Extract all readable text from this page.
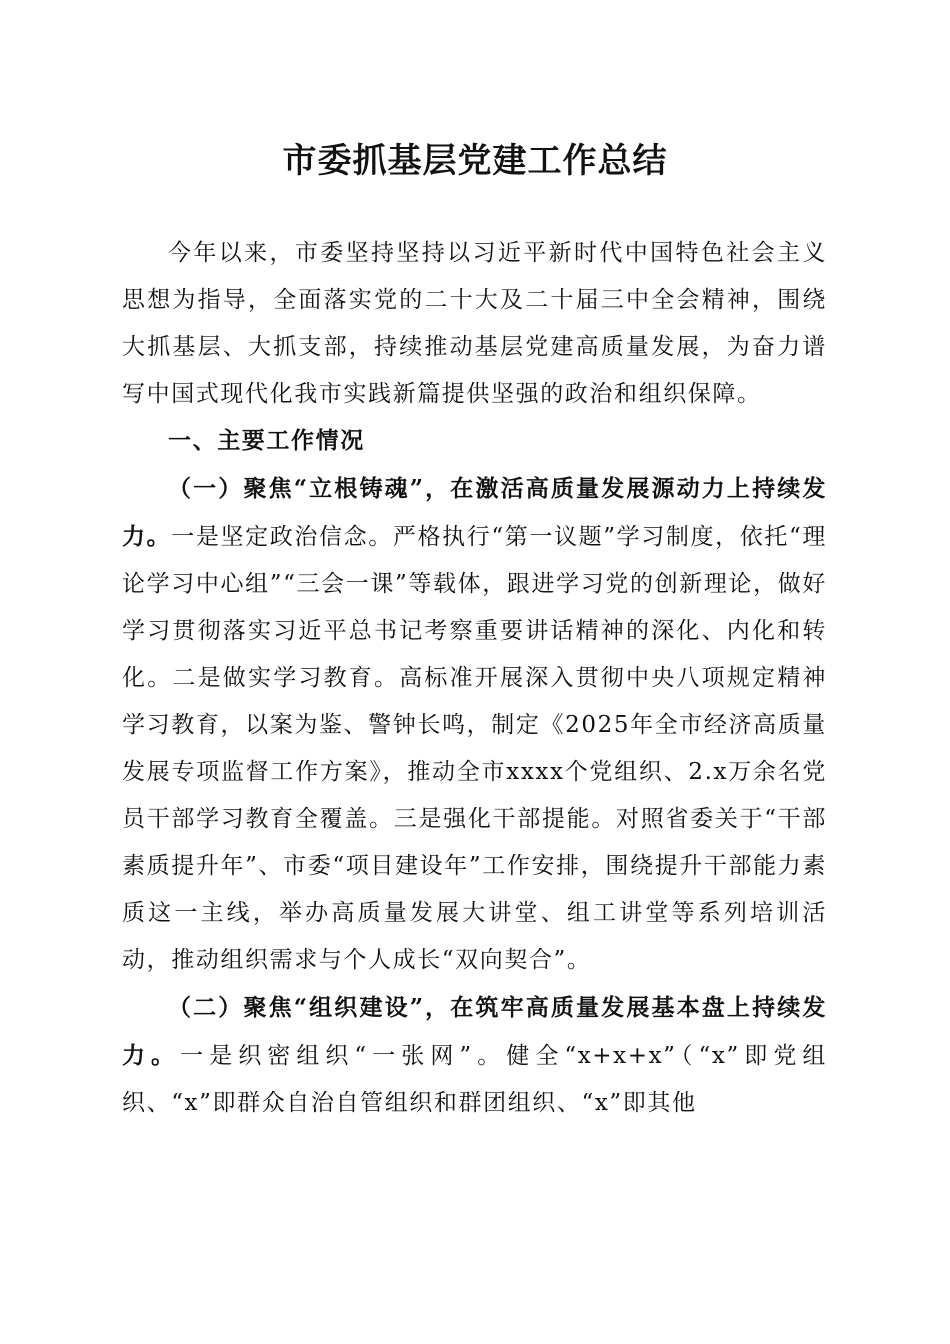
市委抓基层党建工作总结

今年以来，市委坚持坚持以习近平新时代中国特色社会主义思想为指导，全面落实党的二十大及二十届三中全会精神，围绕大抓基层、大抓支部，持续推动基层党建高质量发展，为奋力谱写中国式现代化我市实践新篇提供坚强的政治和组织保障。

一、主要工作情况

（一）聚焦“立根铸魂”，在激活高质量发展源动力上持续发力。一是坚定政治信念。严格执行“第一议题”学习制度，依托“理论学习中心组”“三会一课”等载体，跟进学习党的创新理论，做好学习贯彻落实习近平总书记考察重要讲话精神的深化、内化和转化。二是做实学习教育。高标准开展深入贯彻中央八项规定精神学习教育，以案为鉴、警钟长鸣，制定《2025年全市经济高质量发展专项监督工作方案》，推动全市xxxx个党组织、2.x万余名党员干部学习教育全覆盖。三是强化干部提能。对照省委关于“干部素质提升年”、市委“项目建设年”工作安排，围绕提升干部能力素质这一主线，举办高质量发展大讲堂、组工讲堂等系列培训活动，推动组织需求与个人成长“双向契合”。

（二）聚焦“组织建设”，在筑牢高质量发展基本盘上持续发力。一是织密组织“一张网”。健全“x+x+x”（“x”即党组织、“x”即群众自治自管组织和群团组织、“x”即其他
